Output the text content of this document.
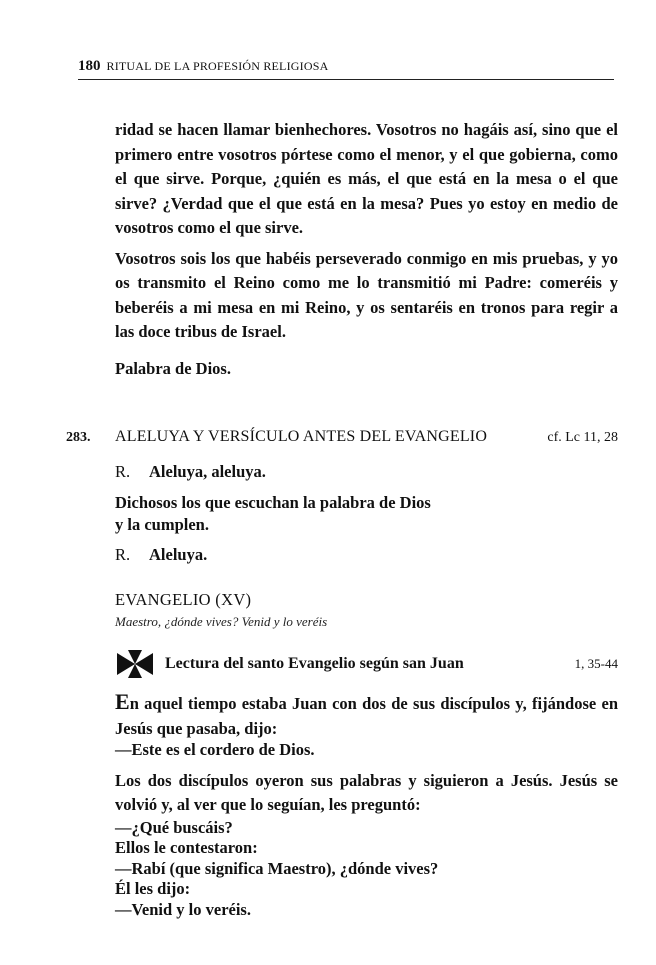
180 RITUAL DE LA PROFESIÓN RELIGIOSA

ridad se hacen llamar bienhechores. Vosotros no hagáis así, sino que el primero entre vosotros pórtese como el menor, y el que gobierna, como el que sirve. Porque, ¿quién es más, el que está en la mesa o el que sirve? ¿Verdad que el que está en la mesa? Pues yo estoy en medio de vosotros como el que sirve.

Vosotros sois los que habéis perseverado conmigo en mis pruebas, y yo os transmito el Reino como me lo transmitió mi Padre: comeréis y beberéis a mi mesa en mi Reino, y os sentaréis en tronos para regir a las doce tribus de Israel.

Palabra de Dios.

283.	ALELUYA Y VERSÍCULO ANTES DEL EVANGELIO	cf. Lc 11, 28

R. Aleluya, aleluya.

Dichosos los que escuchan la palabra de Dios

y la cumplen.

R. Aleluya.

EVANGELIO (XV)

Maestro, ¿dónde vives? Venid y lo veréis

Lectura del santo Evangelio según san Juan	1, 35-44

En aquel tiempo estaba Juan con dos de sus discípulos y, fijándose en Jesús que pasaba, dijo:

—Este es el cordero de Dios.

Los dos discípulos oyeron sus palabras y siguieron a Jesús. Jesús se volvió y, al ver que lo seguían, les preguntó:

—¿Qué buscáis?

Ellos le contestaron:

—Rabí (que significa Maestro), ¿dónde vives?

Él les dijo:

—Venid y lo veréis.
